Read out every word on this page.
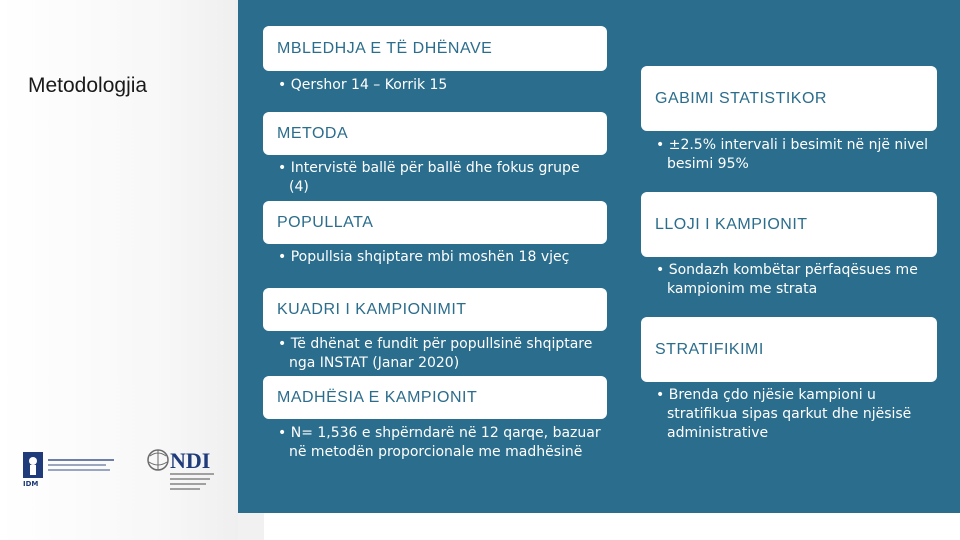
Metodologjia
MBLEDHJA E TË DHËNAVE
• Qershor 14 – Korrik 15
METODA
• Intervistë ballë për ballë dhe fokus grupe (4)
POPULLATA
• Popullsia shqiptare mbi moshën 18 vjeç
KUADRI I KAMPIONIMIT
• Të dhënat e fundit për popullsinë shqiptare nga INSTAT (Janar 2020)
MADHËSIA E KAMPIONIT
• N= 1,536 e shpërndarë në 12 qarqe, bazuar në metodën proporcionale me madhësinë
GABIMI STATISTIKOR
• ±2.5% intervali i besimit në një nivel besimi 95%
LLOJI I KAMPIONIT
• Sondazh kombëtar përfaqësues me kampionim me strata
STRATIFIKIMI
• Brenda çdo njësie kampioni u stratifikua sipas qarkut dhe njësisë administrative
IDM
NDI
